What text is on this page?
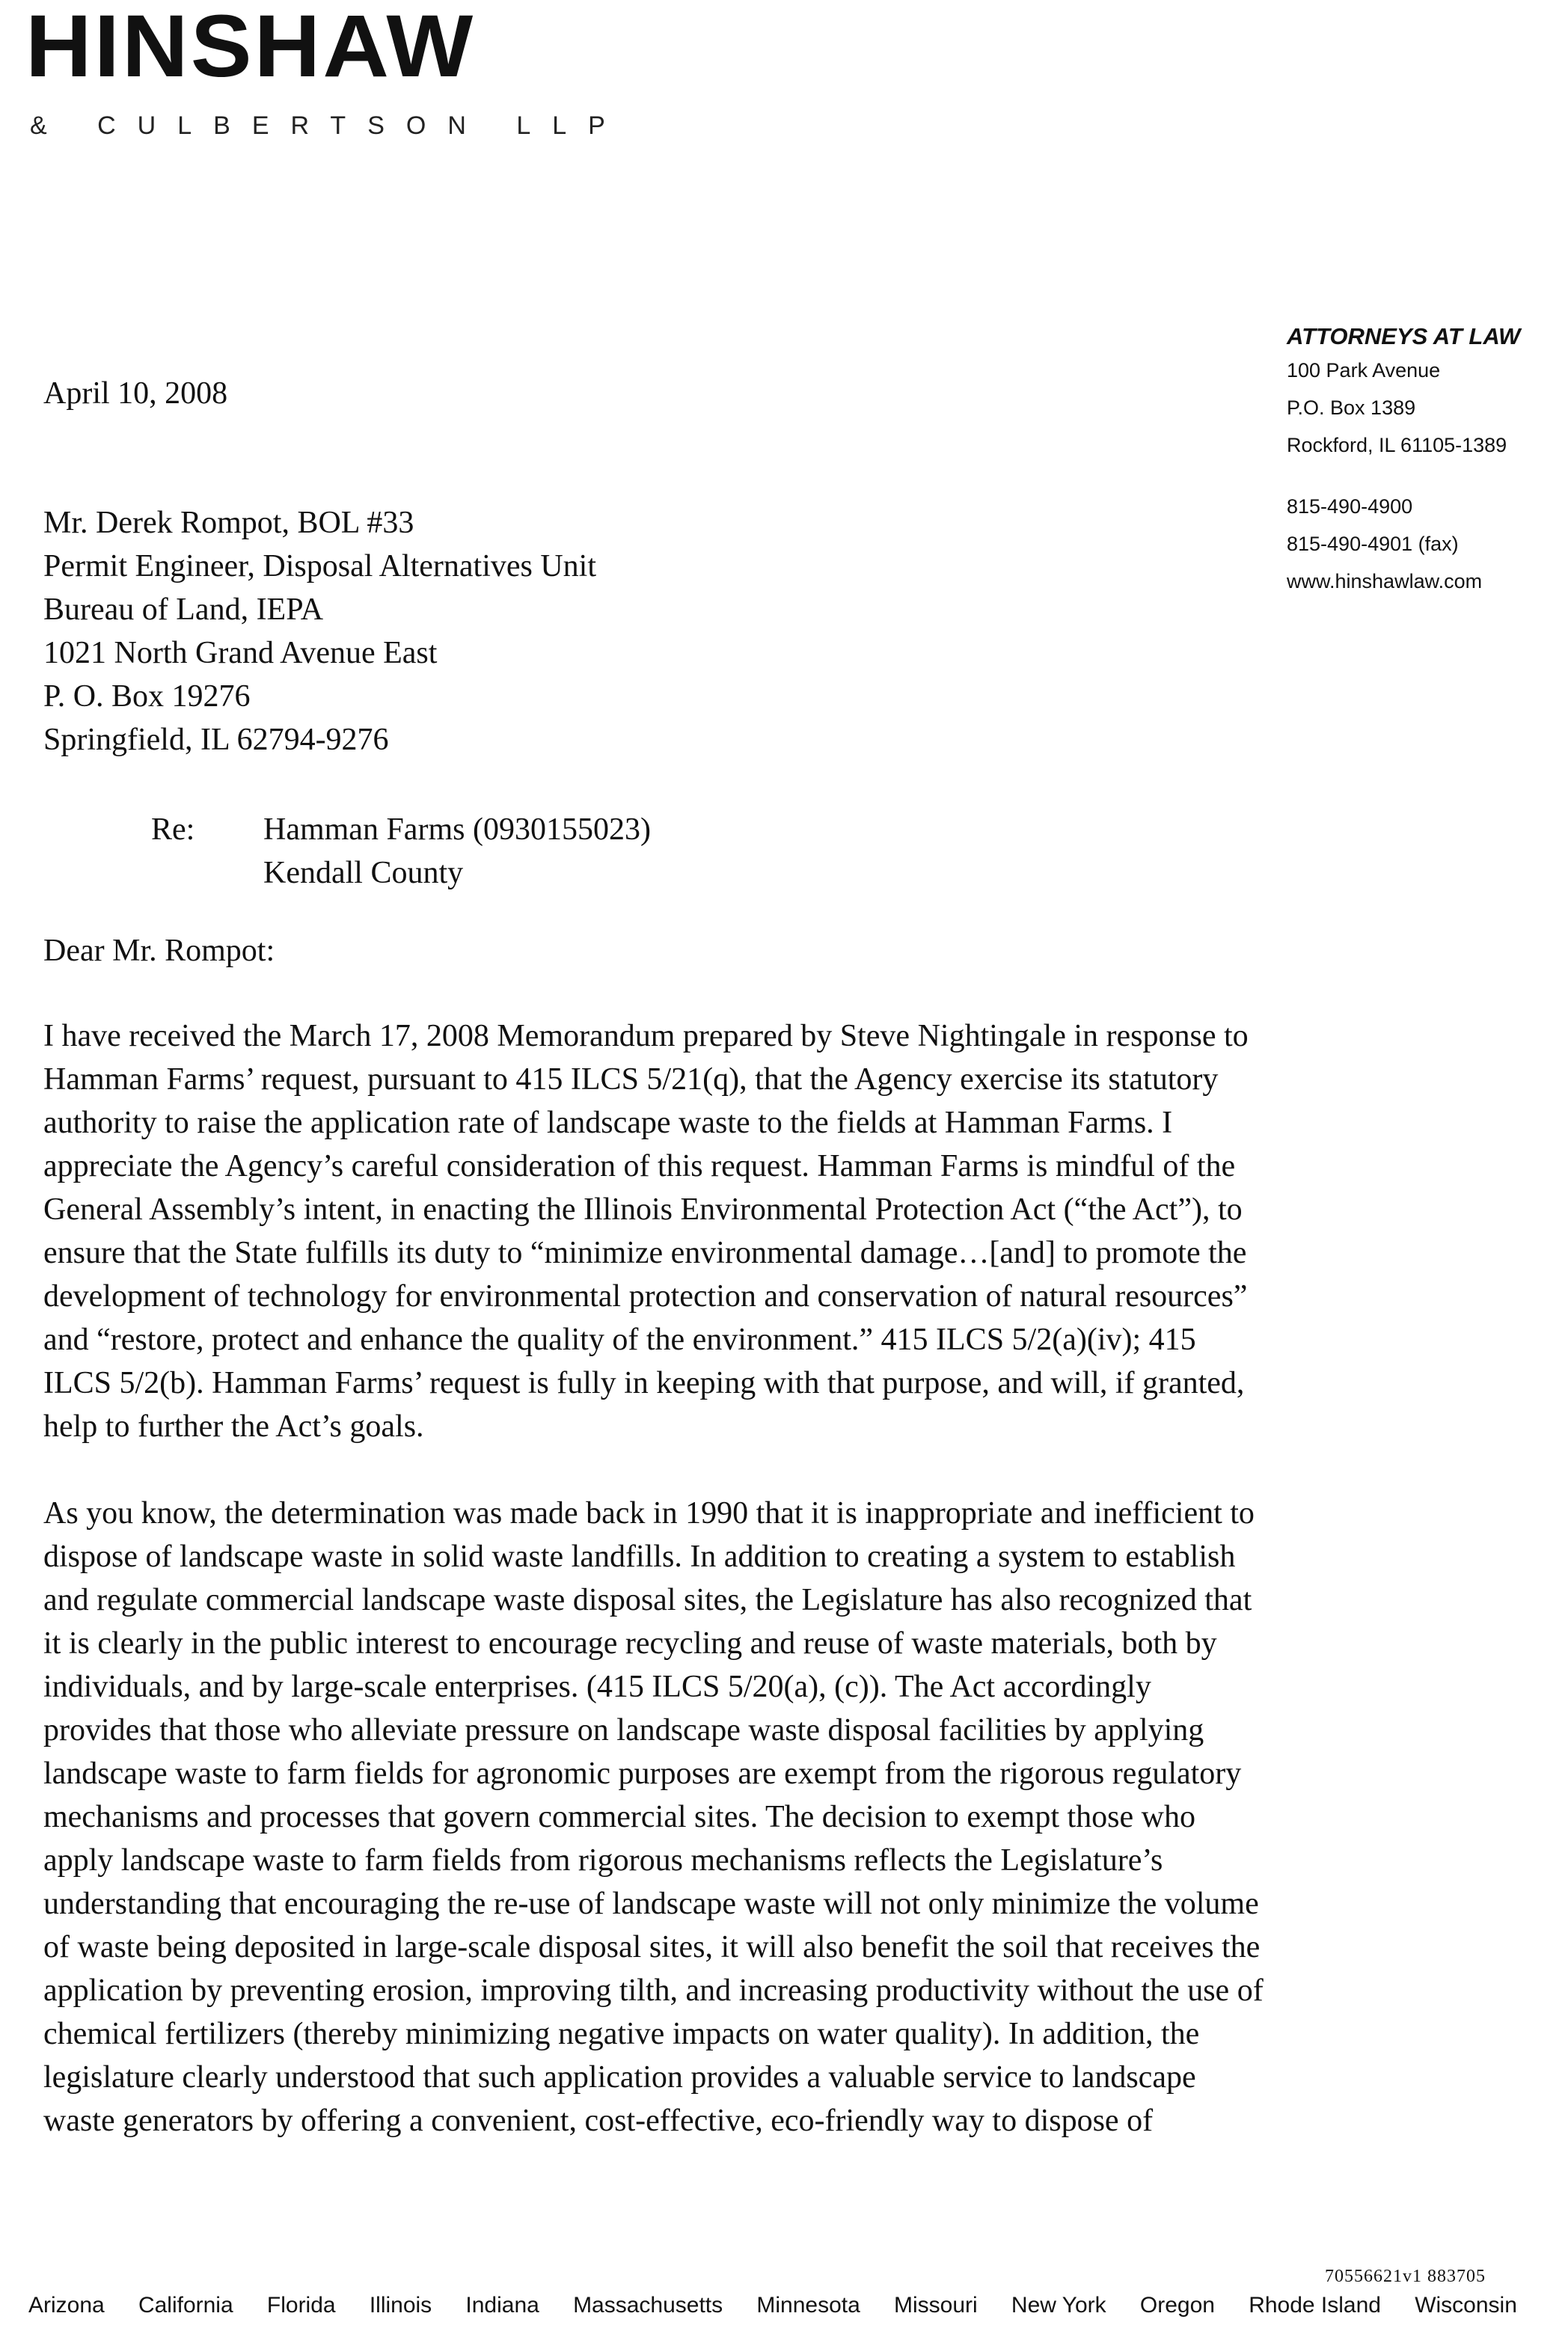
HINSHAW
& CULBERTSON LLP
ATTORNEYS AT LAW
100 Park Avenue
P.O. Box 1389
Rockford, IL 61105-1389
815-490-4900
815-490-4901 (fax)
www.hinshawlaw.com
April 10, 2008
Mr. Derek Rompot, BOL #33
Permit Engineer, Disposal Alternatives Unit
Bureau of Land, IEPA
1021 North Grand Avenue East
P. O. Box 19276
Springfield, IL 62794-9276
Re: Hamman Farms (0930155023)
Kendall County
Dear Mr. Rompot:
I have received the March 17, 2008 Memorandum prepared by Steve Nightingale in response to
Hamman Farms’ request, pursuant to 415 ILCS 5/21(q), that the Agency exercise its statutory
authority to raise the application rate of landscape waste to the fields at Hamman Farms. I
appreciate the Agency’s careful consideration of this request. Hamman Farms is mindful of the
General Assembly’s intent, in enacting the Illinois Environmental Protection Act (“the Act”), to
ensure that the State fulfills its duty to “minimize environmental damage…[and] to promote the
development of technology for environmental protection and conservation of natural resources”
and “restore, protect and enhance the quality of the environment.” 415 ILCS 5/2(a)(iv); 415
ILCS 5/2(b). Hamman Farms’ request is fully in keeping with that purpose, and will, if granted,
help to further the Act’s goals.
As you know, the determination was made back in 1990 that it is inappropriate and inefficient to
dispose of landscape waste in solid waste landfills. In addition to creating a system to establish
and regulate commercial landscape waste disposal sites, the Legislature has also recognized that
it is clearly in the public interest to encourage recycling and reuse of waste materials, both by
individuals, and by large-scale enterprises. (415 ILCS 5/20(a), (c)). The Act accordingly
provides that those who alleviate pressure on landscape waste disposal facilities by applying
landscape waste to farm fields for agronomic purposes are exempt from the rigorous regulatory
mechanisms and processes that govern commercial sites. The decision to exempt those who
apply landscape waste to farm fields from rigorous mechanisms reflects the Legislature’s
understanding that encouraging the re-use of landscape waste will not only minimize the volume
of waste being deposited in large-scale disposal sites, it will also benefit the soil that receives the
application by preventing erosion, improving tilth, and increasing productivity without the use of
chemical fertilizers (thereby minimizing negative impacts on water quality). In addition, the
legislature clearly understood that such application provides a valuable service to landscape
waste generators by offering a convenient, cost-effective, eco-friendly way to dispose of
70556621v1 883705
Arizona California Florida Illinois Indiana Massachusetts Minnesota Missouri New York Oregon Rhode Island Wisconsin
